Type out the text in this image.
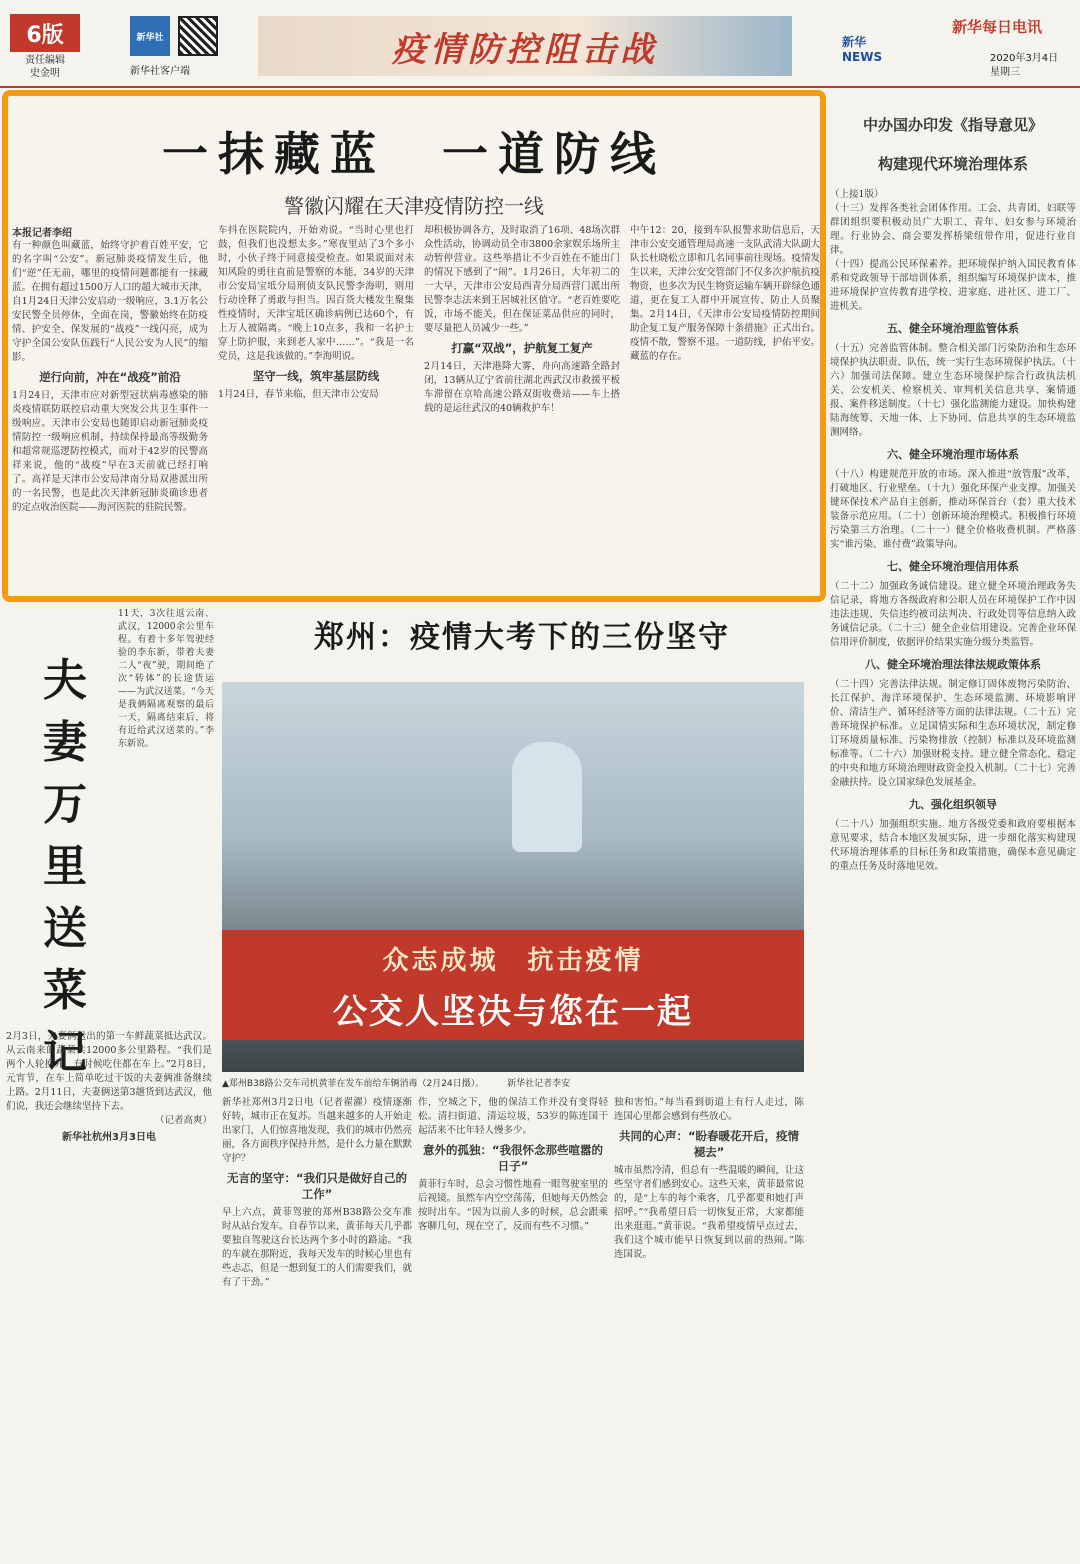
6版
责任编辑
史金明
新华社
新华社客户端
疫情防控阻击战	新华NEWS
新华每日电讯
2020年3月4日
星期三
一抹藏蓝　一道防线
警徽闪耀在天津疫情防控一线
本报记者李绍

有一种颜色叫藏蓝，始终守护着百姓平安，它的名字叫“公安”。新冠肺炎疫情发生后，他们“逆”任无前，哪里的疫情问题都能有一抹藏蓝。在拥有超过1500万人口的超大城市天津，自1月24日天津公安启动一级响应，3.1万名公安民警全员停休，全面在岗，警徽始终在防疫情、护安全、保发展的“战疫”一线闪亮，成为守护全国公安队伍践行“人民公安为人民”的缩影。

逆行向前，冲在“战疫”前沿

1月24日，天津市应对新型冠状病毒感染的肺炎疫情联防联控启动重大突发公共卫生事件一级响应。天津市公安局也随即启动新冠肺炎疫情防控一级响应机制，持续保持最高等级勤务和超常规巡逻防控模式，而对于42岁的民警高祥来说，他的“战疫”早在3天前就已经打响了。高祥是天津市公安局津南分局双港派出所的一名民警，也是此次天津新冠肺炎确诊患者的定点收治医院——海河医院的驻院民警。

车抖在医院院内，开始劝说。“当时心里也打鼓，但我们也没想太多。”寒夜里站了3个多小时，小伙子终于同意接受检查。如果说面对未知风险的勇往直前是警察的本能，34岁的天津市公安局宝坻分局刑侦支队民警李海明，则用行动诠释了勇敢与担当。因百货大楼发生聚集性疫情时，天津宝坻区确诊病例已达60个，有上万人被隔离。“晚上10点多，我和一名护士穿上防护服，来到老人家中……”。“我是一名党员，这是我该做的。”李海明说。

坚守一线，筑牢基层防线

1月24日，春节来临，但天津市公安局

却积极协调各方，及时取消了16项、48场次群众性活动，协调动员全市3800余家娱乐场所主动暂停营业。这些举措让不少百姓在不能出门的情况下感到了“闹”。1月26日，大年初二的一大早，天津市公安局西青分局西营门派出所民警李志法来到王居城社区值守。“老百姓要吃饭，市场不能关，但在保证菜品供应的同时，要尽量把人员减少一些。”

打赢“双战”，护航复工复产

2月14日，天津港降大雾，舟向高速路全路封闭，13辆从辽宁省前往湖北西武汉市救援平板车滞留在京哈高速公路双街收费站——车上搭载的是运往武汉的40辆救护车！

中午12：20，接到车队报警求助信息后，天津市公安交通管理局高速一支队武清大队副大队长杜晓松立即和几名同事前往现场。疫情发生以来，天津公安交管部门不仅多次护航抗疫物资，也多次为民生物资运输车辆开辟绿色通道，更在复工人群中开展宣传、防止人员聚集。2月14日，《天津市公安局疫情防控期间助企复工复产服务保障十条措施》正式出台。疫情不散，警察不退。一道防线，护佑平安。

藏蓝的存在。

中办国办印发《指导意见》
构建现代环境治理体系

（上接1版）

（十三）发挥各类社会团体作用。工会、共青团、妇联等群团组织要积极动员广大职工、青年、妇女参与环境治理。行业协会、商会要发挥桥梁纽带作用，促进行业自律。

（十四）提高公民环保素养。把环境保护纳入国民教育体系和党政领导干部培训体系，组织编写环境保护读本，推进环境保护宣传教育进学校、进家庭、进社区、进工厂、进机关。

五、健全环境治理监管体系

（十五）完善监管体制。整合相关部门污染防治和生态环境保护执法职责、队伍，统一实行生态环境保护执法。（十六）加强司法保障。建立生态环境保护综合行政执法机关、公安机关、检察机关、审判机关信息共享、案情通报、案件移送制度。（十七）强化监测能力建设。加快构建陆海统筹、天地一体、上下协同、信息共享的生态环境监测网络。

六、健全环境治理市场体系

（十八）构建规范开放的市场。深入推进“放管服”改革，打破地区、行业壁垒。（十九）强化环保产业支撑。加强关键环保技术产品自主创新，推动环保首台（套）重大技术装备示范应用。（二十）创新环境治理模式。积极推行环境污染第三方治理。（二十一）健全价格收费机制。严格落实“谁污染、谁付费”政策导向。

七、健全环境治理信用体系

（二十二）加强政务诚信建设。建立健全环境治理政务失信记录，将地方各级政府和公职人员在环境保护工作中因违法违规、失信违约被司法判决、行政处罚等信息纳入政务诚信记录。（二十三）健全企业信用建设。完善企业环保信用评价制度，依据评价结果实施分级分类监管。

八、健全环境治理法律法规政策体系

（二十四）完善法律法规。制定修订固体废物污染防治、长江保护、海洋环境保护、生态环境监测、环境影响评价、清洁生产、循环经济等方面的法律法规。（二十五）完善环境保护标准。立足国情实际和生态环境状况，制定修订环境质量标准、污染物排放（控制）标准以及环境监测标准等。（二十六）加强财税支持。建立健全常态化、稳定的中央和地方环境治理财政资金投入机制。（二十七）完善金融扶持。设立国家绿色发展基金。

九、强化组织领导

（二十八）加强组织实施。地方各级党委和政府要根据本意见要求，结合本地区发展实际，进一步细化落实构建现代环境治理体系的目标任务和政策措施，确保本意见确定的重点任务及时落地见效。

夫妻万里送菜记

11天，3次往返云南、武汉，12000余公里车程。有着十多年驾驶经验的李东新，带着夫妻二人“夜”驶，期间绝了次“转体”的长途货运——为武汉送菜。“今天是我俩隔离观察的最后一天，隔离结束后，将有近给武汉送菜的。”李东新说。

2月3日，夫妻俩送出的第一车鲜蔬菜抵达武汉。从云南来的蔬菜共12000多公里路程。“我们是两个人轮换开，有时候吃住都在车上。”2月8日，元宵节，在车上简单吃过干饭的夫妻俩准备继续上路。2月11日，夫妻俩送第3趟货到达武汉，他们说，我还会继续坚持下去。

（记者高爽）

新华社杭州3月3日电

郑州：疫情大考下的三份坚守
众志成城　抗击疫情
公交人坚决与您在一起
▲郑州B38路公交车司机黄菲在发车前给车辆消毒（2月24日摄）。	新华社记者李安

新华社郑州3月2日电（记者翟濯）疫情逐渐好转，城市正在复苏。当越来越多的人开始走出家门，人们惊喜地发现，我们的城市仍然亮丽，各方面秩序保持井然，是什么力量在默默守护？

无言的坚守：“我们只是做好自己的工作”

早上六点，黄菲驾驶的郑州B38路公交车准时从站台发车。自春节以来，黄菲每天几乎都要独自驾驶这台长达两个多小时的路途。“我的车就在那附近，我每天发车的时候心里也有些忐忑，但是一想到复工的人们需要我们，就有了干劲。”

作，空城之下，他的保洁工作并没有变得轻松。清扫街道、清运垃圾，53岁的陈连国干起活来不比年轻人慢多少。

意外的孤独：“我很怀念那些喧嚣的日子”

黄菲行车时，总会习惯性地看一眼驾驶室里的后视镜。虽然车内空空荡荡，但她每天仍然会按时出车。“因为以前人多的时候，总会跟乘客聊几句，现在空了，反而有些不习惯。”

独和害怕。”每当看到街道上有行人走过，陈连国心里都会感到有些放心。

共同的心声：“盼春暖花开后，疫情褪去”

城市虽然冷清，但总有一些温暖的瞬间，让这些坚守者们感到安心。这些天来，黄菲最常说的，是“上车的每个乘客，几乎都要和她打声招呼。”“我希望日后一切恢复正常，大家都能出来逛逛。”黄菲说。“我希望疫情早点过去，我们这个城市能早日恢复到以前的热闹。”陈连国说。
